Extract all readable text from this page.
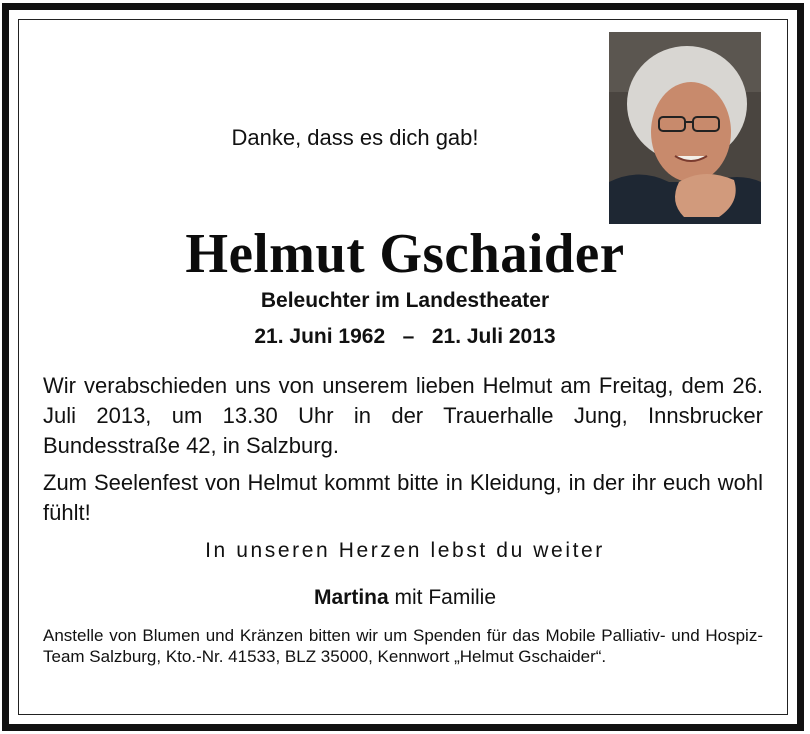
Danke, dass es dich gab!
Helmut Gschaider
Beleuchter im Landestheater
21. Juni 1962 – 21. Juli 2013
Wir verabschieden uns von unserem lieben Helmut am Freitag, dem 26. Juli 2013, um 13.30 Uhr in der Trauerhalle Jung, Innsbrucker Bundesstraße 42, in Salzburg.
Zum Seelenfest von Helmut kommt bitte in Kleidung, in der ihr euch wohl fühlt!
In unseren Herzen lebst du weiter
Martina mit Familie
Anstelle von Blumen und Kränzen bitten wir um Spenden für das Mobile Palliativ- und Hospiz-Team Salzburg, Kto.-Nr. 41533, BLZ 35000, Kennwort „Helmut Gschaider“.
